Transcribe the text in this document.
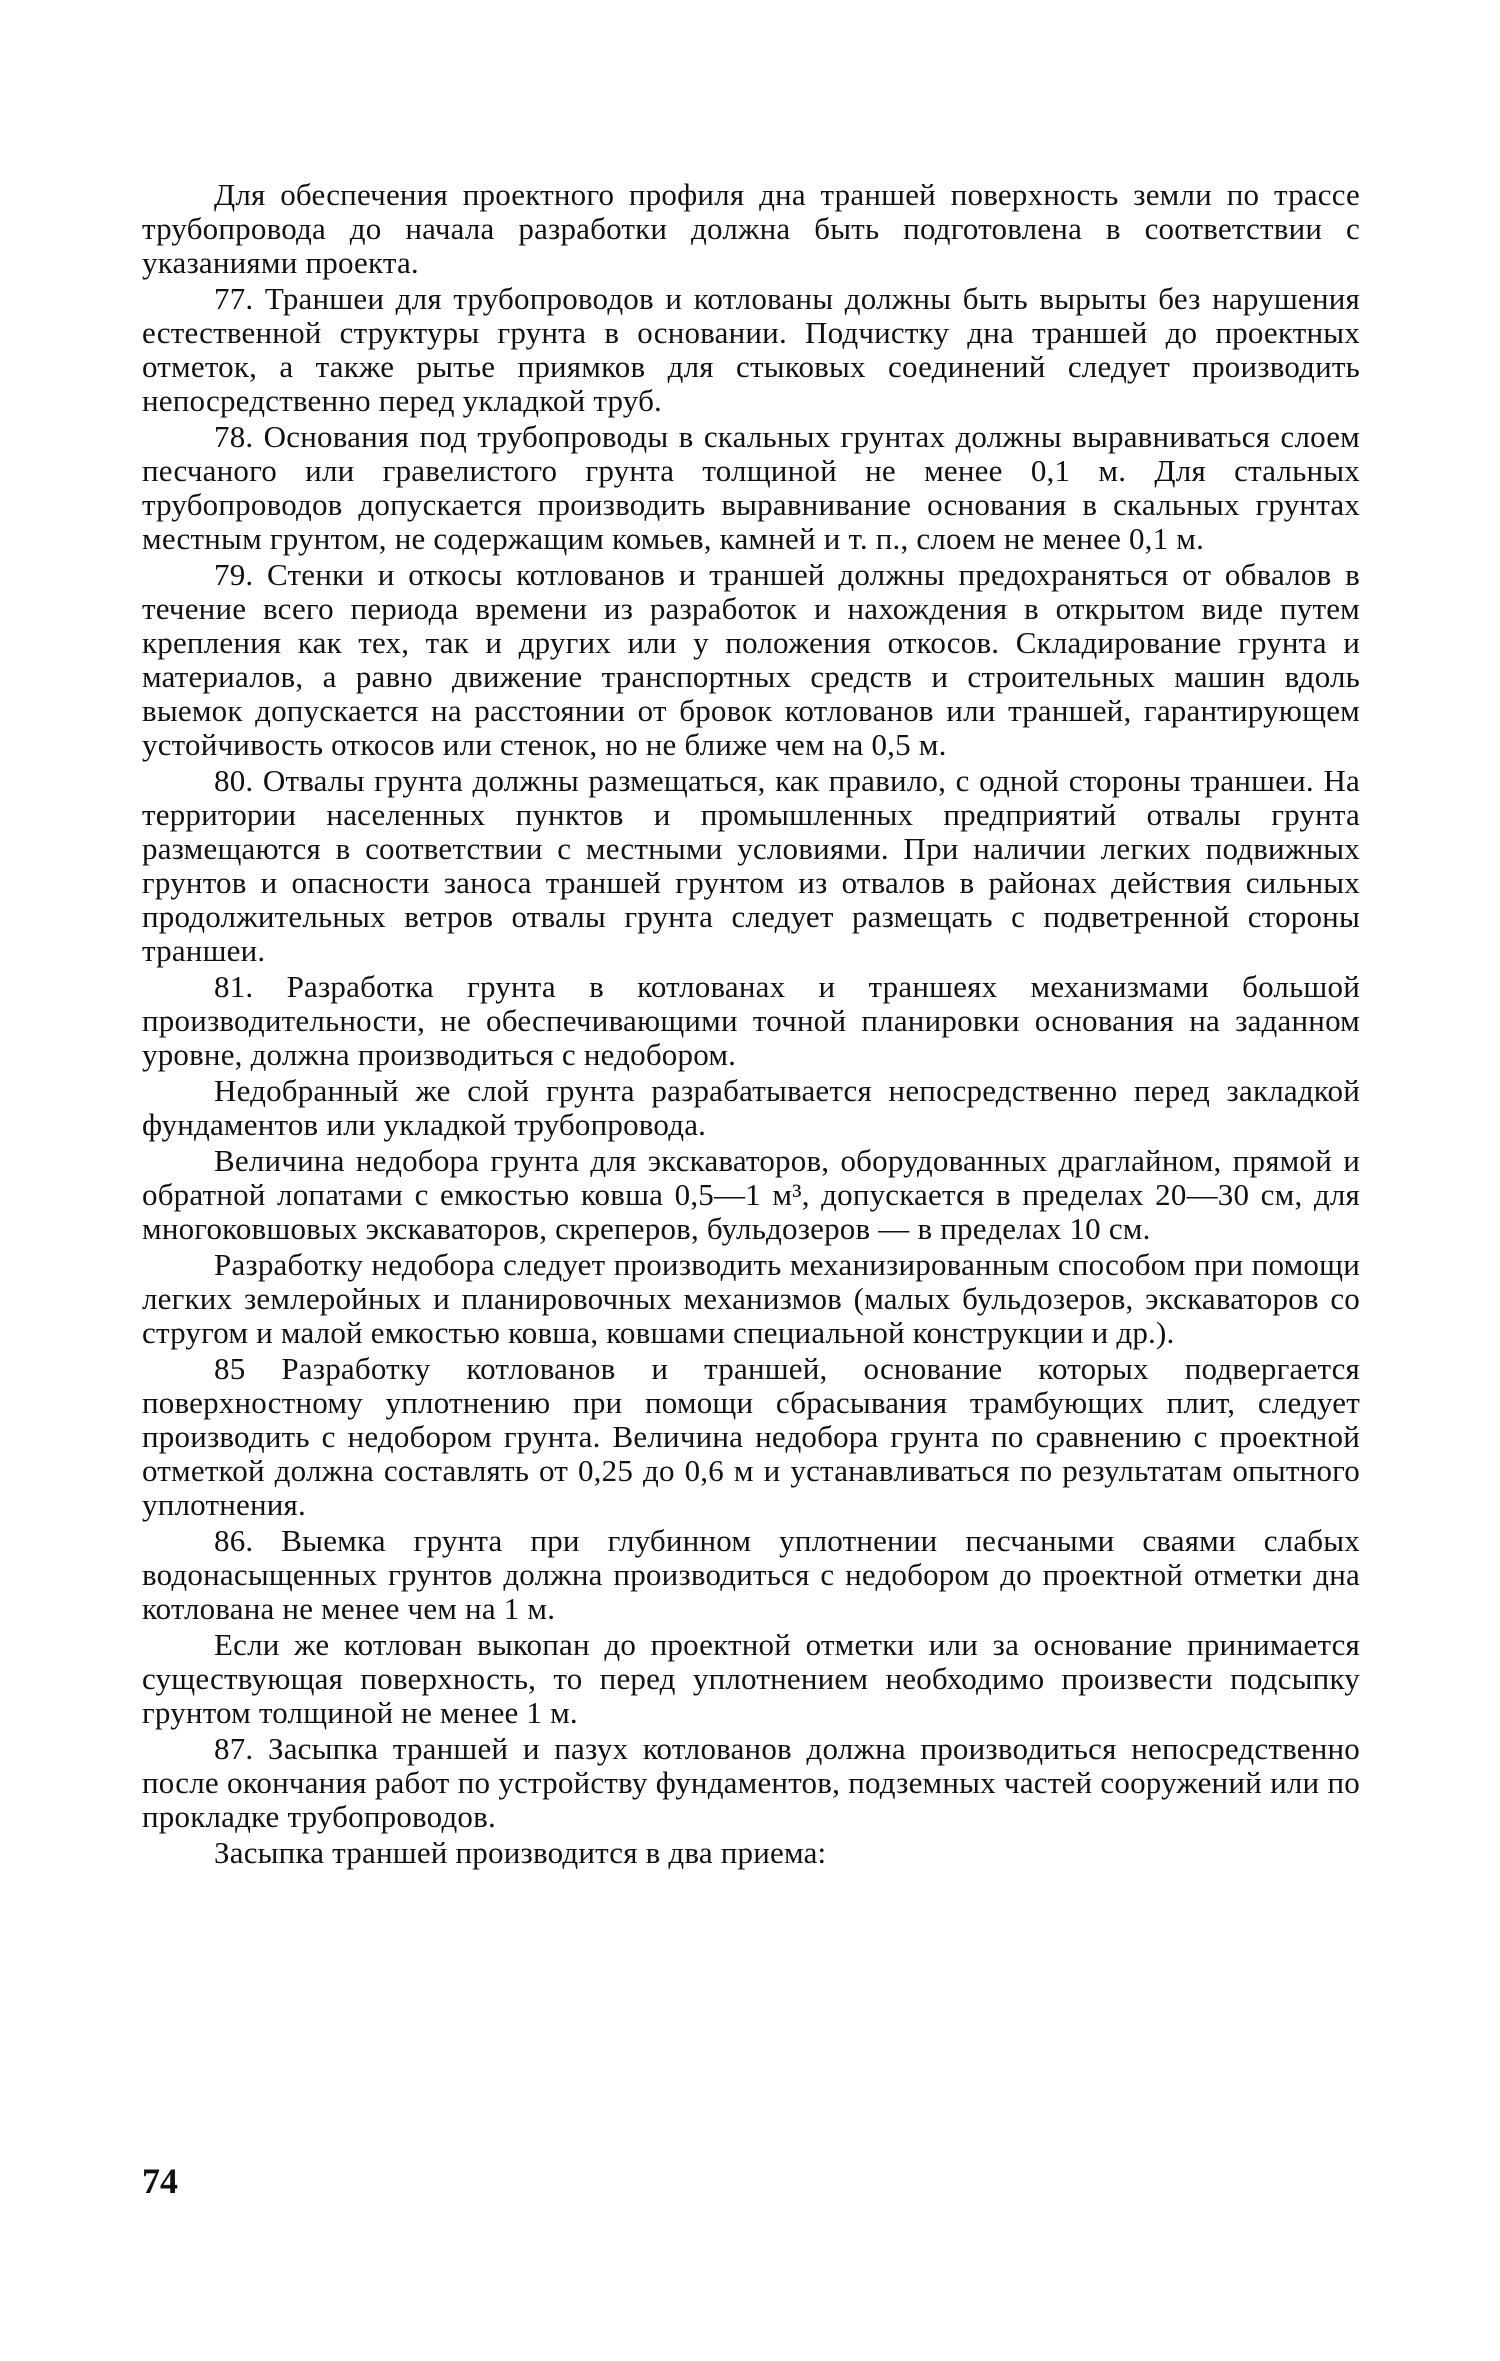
Для обеспечения проектного профиля дна траншей поверхность земли по трассе трубопровода до начала разработки должна быть подготовлена в соответствии с указаниями проекта.

77. Траншеи для трубопроводов и котлованы должны быть вырыты без нарушения естественной структуры грунта в основании. Подчистку дна траншей до проектных отметок, а также рытье приямков для стыковых соединений следует производить непосредственно перед укладкой труб.

78. Основания под трубопроводы в скальных грунтах должны выравниваться слоем песчаного или гравелистого грунта толщиной не менее 0,1 м. Для стальных трубопроводов допускается производить выравнивание основания в скальных грунтах местным грунтом, не содержащим комьев, камней и т. п., слоем не менее 0,1 м.

79. Стенки и откосы котлованов и траншей должны предохраняться от обвалов в течение всего периода времени из разработок и нахождения в открытом виде путем крепления как тех, так и других или у положения откосов. Складирование грунта и материалов, а равно движение транспортных средств и строительных машин вдоль выемок допускается на расстоянии от бровок котлованов или траншей, гарантирующем устойчивость откосов или стенок, но не ближе чем на 0,5 м.

80. Отвалы грунта должны размещаться, как правило, с одной стороны траншеи. На территории населенных пунктов и промышленных предприятий отвалы грунта размещаются в соответствии с местными условиями. При наличии легких подвижных грунтов и опасности заноса траншей грунтом из отвалов в районах действия сильных продолжительных ветров отвалы грунта следует размещать с подветренной стороны траншеи.

81. Разработка грунта в котлованах и траншеях механизмами большой производительности, не обеспечивающими точной планировки основания на заданном уровне, должна производиться с недобором.

Недобранный же слой грунта разрабатывается непосредственно перед закладкой фундаментов или укладкой трубопровода.

Величина недобора грунта для экскаваторов, оборудованных драглайном, прямой и обратной лопатами с емкостью ковша 0,5—1 м³, допускается в пределах 20—30 см, для многоковшовых экскаваторов, скреперов, бульдозеров — в пределах 10 см.

Разработку недобора следует производить механизированным способом при помощи легких землеройных и планировочных механизмов (малых бульдозеров, экскаваторов со стругом и малой емкостью ковша, ковшами специальной конструкции и др.).

85 Разработку котлованов и траншей, основание которых подвергается поверхностному уплотнению при помощи сбрасывания трамбующих плит, следует производить с недобором грунта. Величина недобора грунта по сравнению с проектной отметкой должна составлять от 0,25 до 0,6 м и устанавливаться по результатам опытного уплотнения.

86. Выемка грунта при глубинном уплотнении песчаными сваями слабых водонасыщенных грунтов должна производиться с недобором до проектной отметки дна котлована не менее чем на 1 м.

Если же котлован выкопан до проектной отметки или за основание принимается существующая поверхность, то перед уплотнением необходимо произвести подсыпку грунтом толщиной не менее 1 м.

87. Засыпка траншей и пазух котлованов должна производиться непосредственно после окончания работ по устройству фундаментов, подземных частей сооружений или по прокладке трубопроводов.

Засыпка траншей производится в два приема:

74
